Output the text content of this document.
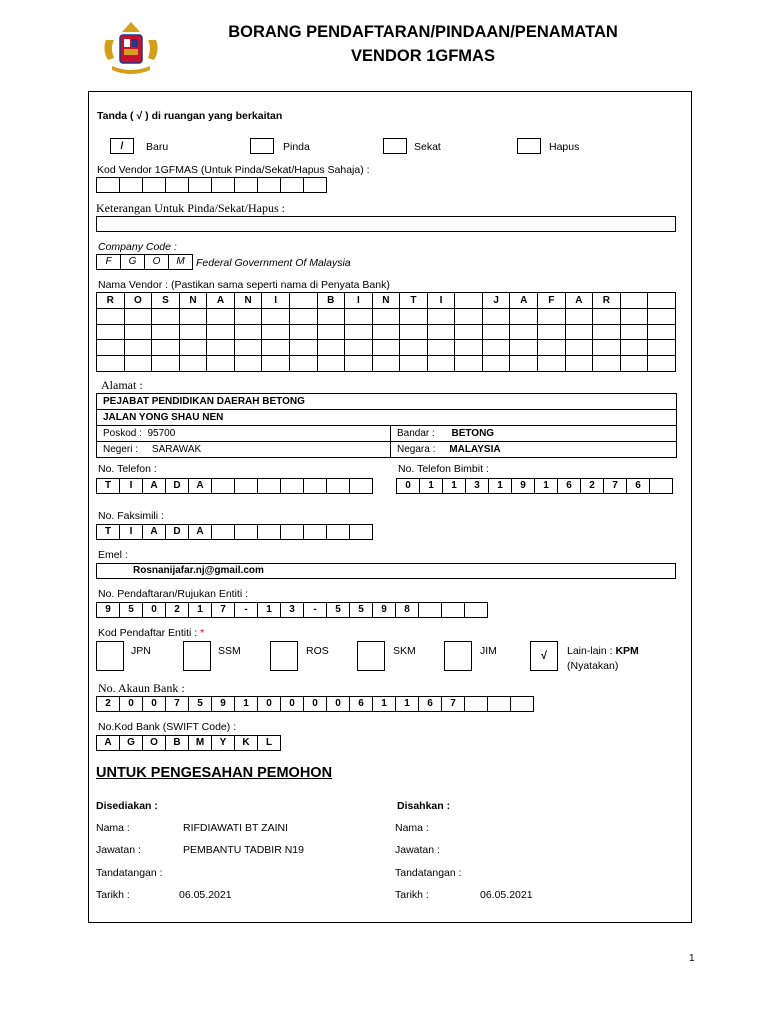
BORANG PENDAFTARAN/PINDAAN/PENAMATAN
VENDOR 1GFMAS
Tanda ( √ ) di ruangan yang berkaitan
/	Baru	Pinda	Sekat	Hapus
Kod Vendor 1GFMAS (Untuk Pinda/Sekat/Hapus Sahaja) :
Keterangan Untuk Pinda/Sekat/Hapus :
Company Code :
F	G	O	M	Federal Government Of Malaysia
Nama Vendor : (Pastikan sama seperti nama di Penyata Bank)
R	O	S	N	A	N	I		B	I	N	T	I		J	A	F	A	R		

Alamat :
PEJABAT PENDIDIKAN DAERAH BETONG	
JALAN YONG SHAU NEN	
Poskod : 95700	Bandar : BETONG
Negeri : SARAWAK	Negara : MALAYSIA
No. Telefon :
T	I	A	D	A
No. Telefon Bimbit :
0	1	1	3	1	9	1	6	2	7	6
No. Faksimili :
T	I	A	D	A
Emel :
Rosnanijafar.nj@gmail.com
No. Pendaftaran/Rujukan Entiti :
9	5	0	2	1	7	-	1	3	-	5	5	9	8
Kod Pendaftar Entiti : *
JPN	SSM	ROS	SKM	JIM	√	Lain-lain : KPM
(Nyatakan)
No. Akaun Bank :
2	0	0	7	5	9	1	0	0	0	0	6	1	1	6	7
No.Kod Bank (SWIFT Code) :
A	G	O	B	M	Y	K	L
UNTUK PENGESAHAN PEMOHON
Disediakan :	Disahkan :
Nama :	RIFDIAWATI BT ZAINI	Nama :
Jawatan :	PEMBANTU TADBIR N19	Jawatan :
Tandatangan :	Tandatangan :
Tarikh :	06.05.2021	Tarikh :	06.05.2021
1
